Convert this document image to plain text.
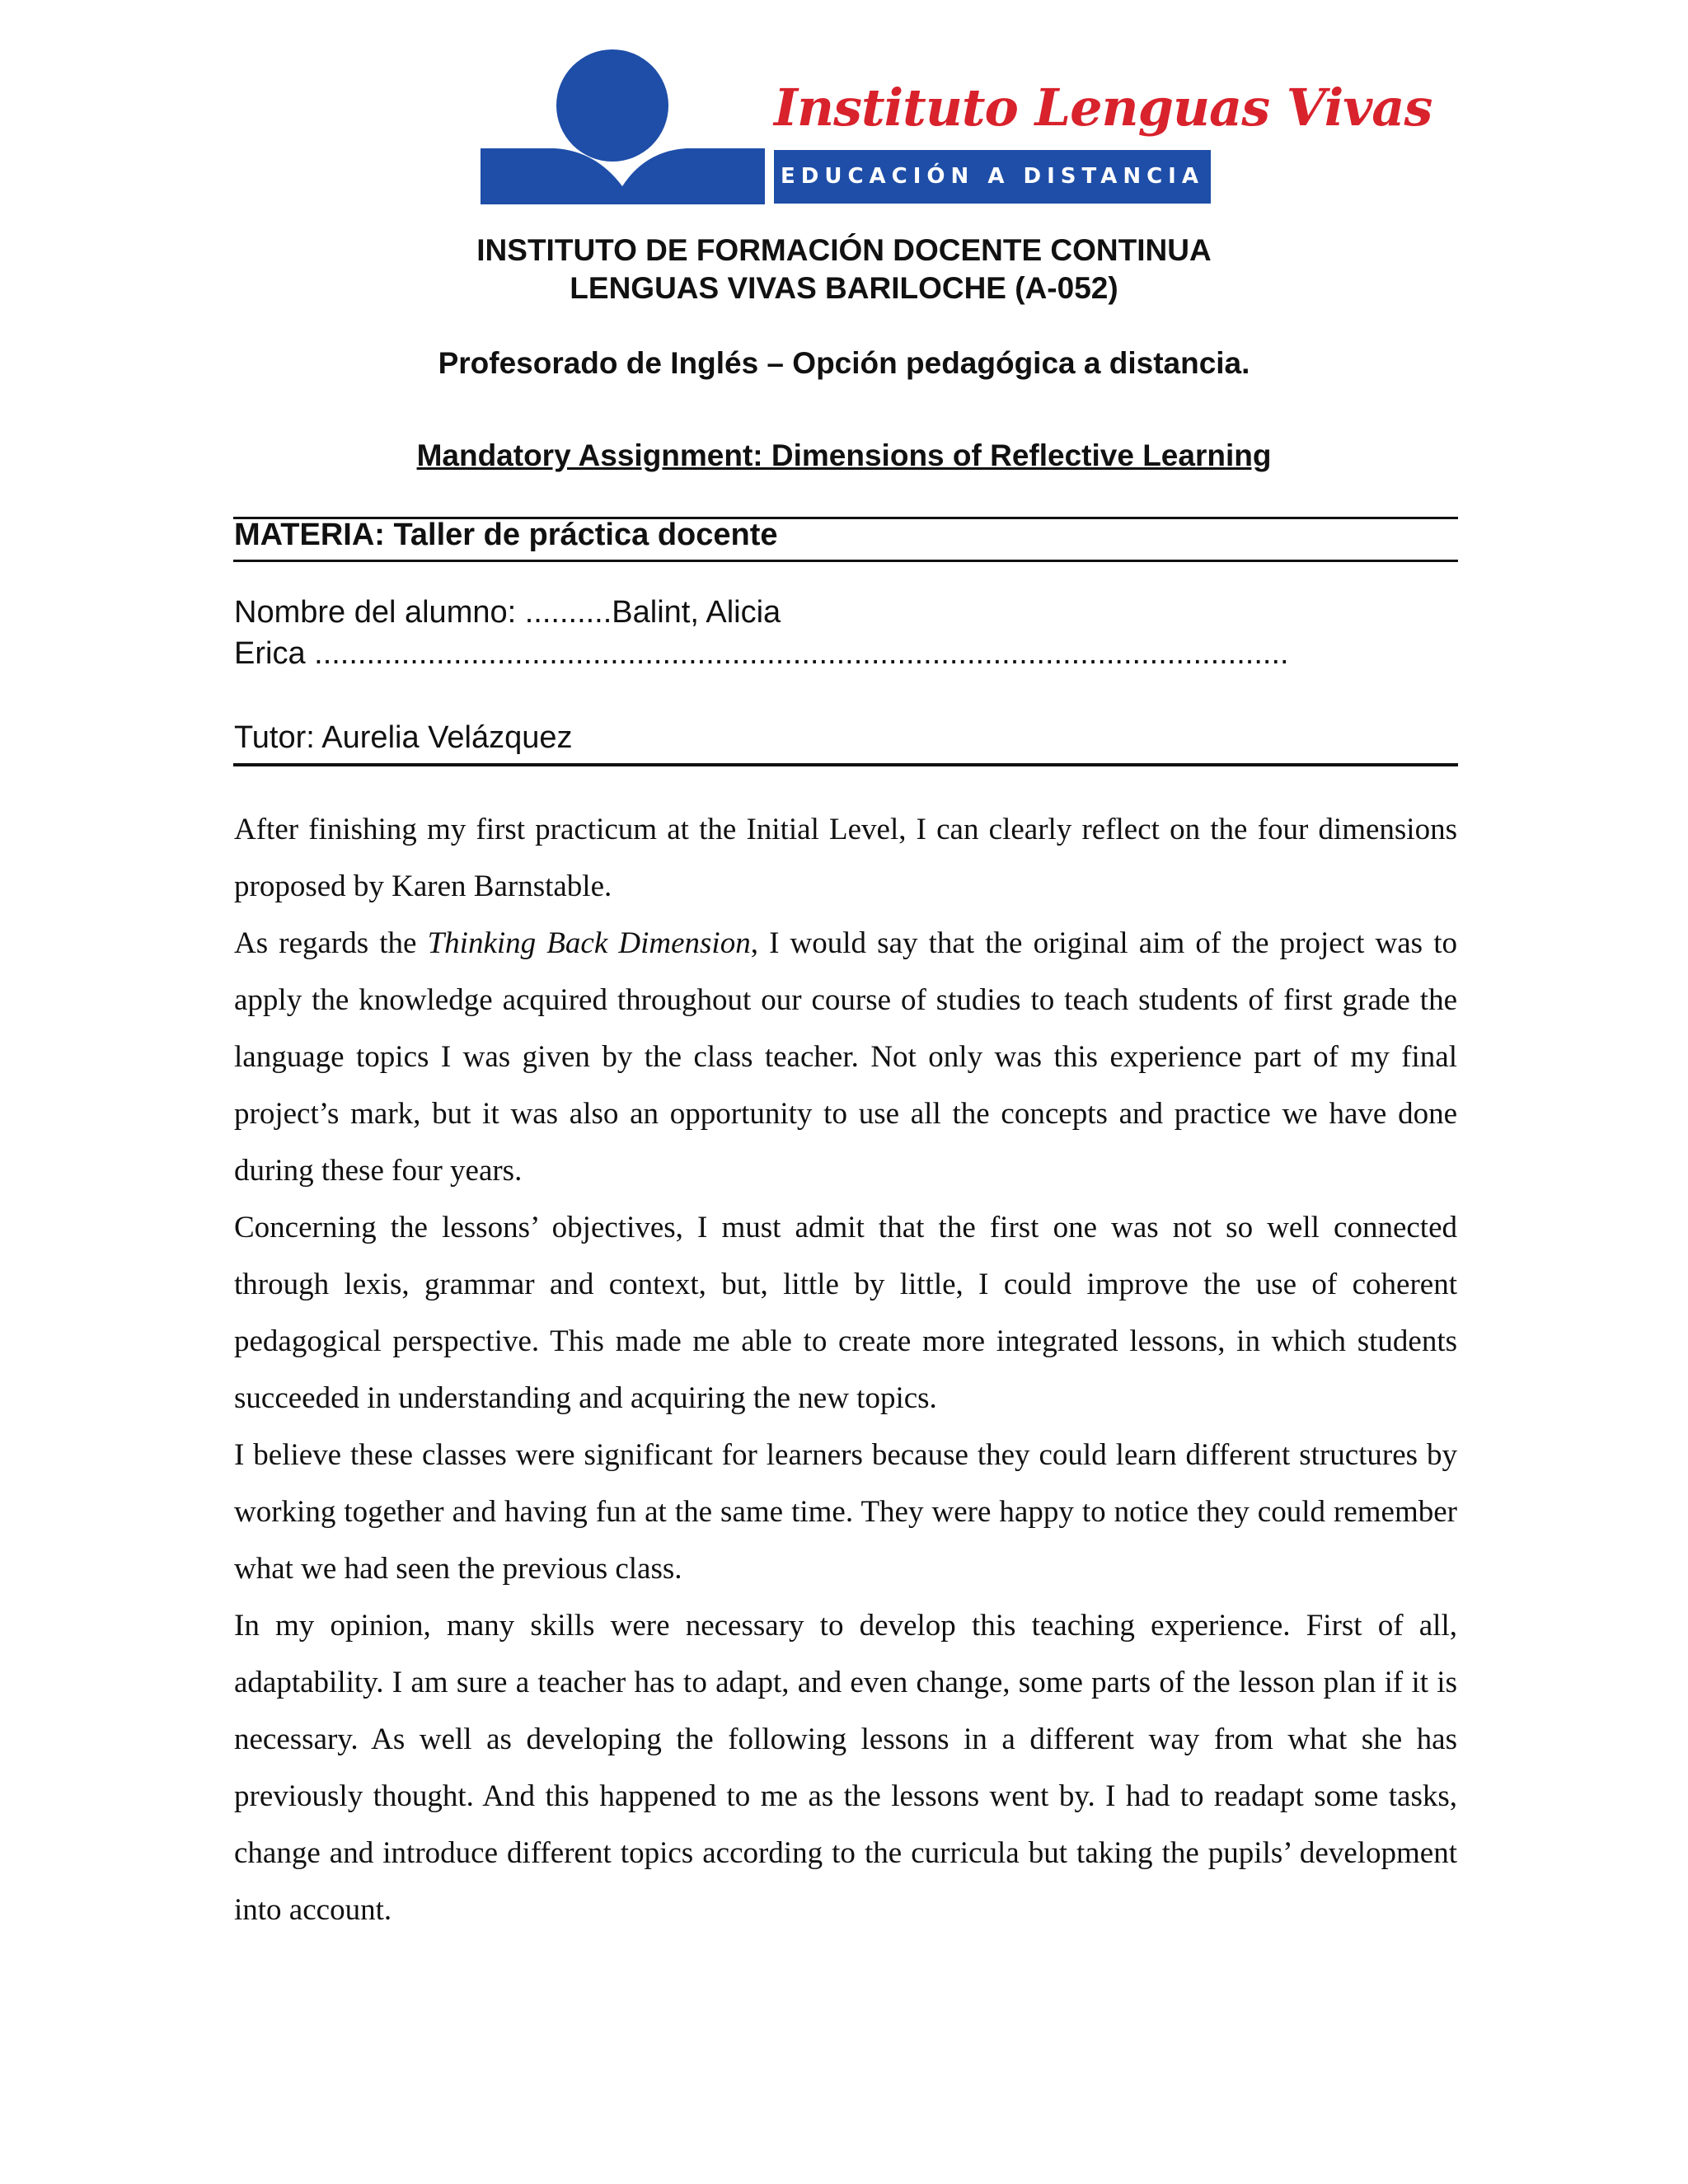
Instituto Lenguas Vivas
EDUCACIÓN A DISTANCIA
INSTITUTO DE FORMACIÓN DOCENTE CONTINUA
LENGUAS VIVAS BARILOCHE (A-052)
Profesorado de Inglés – Opción pedagógica a distancia.
Mandatory Assignment: Dimensions of Reflective Learning
MATERIA: Taller de práctica docente
Nombre del alumno: ..........Balint, Alicia
Erica ................................................................................................................
Tutor: Aurelia Velázquez

After finishing my first practicum at the Initial Level, I can clearly reflect on the four dimensions proposed by Karen Barnstable.

As regards the Thinking Back Dimension, I would say that the original aim of the project was to apply the knowledge acquired throughout our course of studies to teach students of first grade the language topics I was given by the class teacher. Not only was this experience part of my final project’s mark, but it was also an opportunity to use all the concepts and practice we have done during these four years.

Concerning the lessons’ objectives, I must admit that the first one was not so well connected through lexis, grammar and context, but, little by little, I could improve the use of coherent pedagogical perspective. This made me able to create more integrated lessons, in which students succeeded in understanding and acquiring the new topics.

I believe these classes were significant for learners because they could learn different structures by working together and having fun at the same time. They were happy to notice they could remember what we had seen the previous class.

In my opinion, many skills were necessary to develop this teaching experience. First of all, adaptability. I am sure a teacher has to adapt, and even change, some parts of the lesson plan if it is necessary. As well as developing the following lessons in a different way from what she has previously thought. And this happened to me as the lessons went by. I had to readapt some tasks, change and introduce different topics according to the curricula but taking the pupils’ development into account.
